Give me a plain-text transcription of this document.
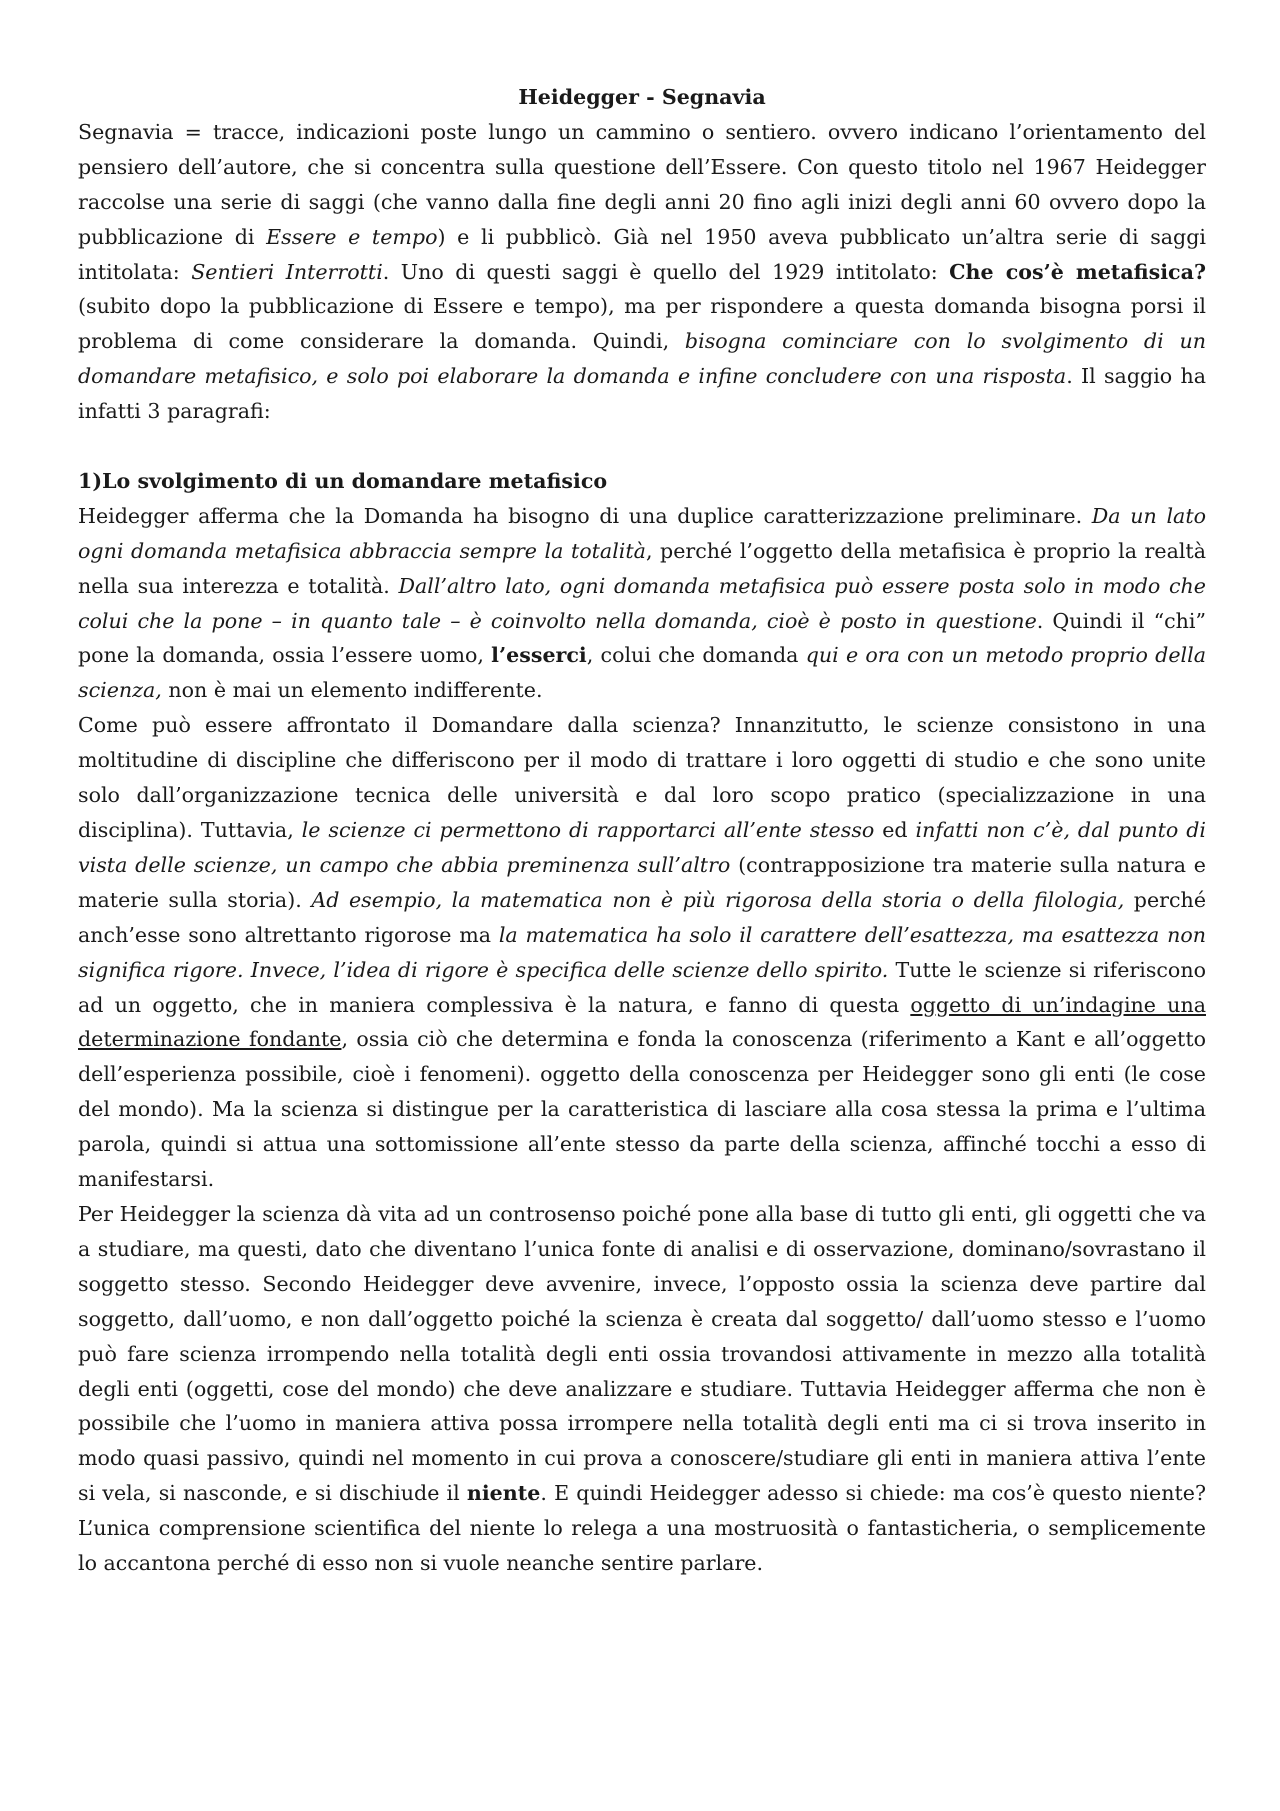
Heidegger - Segnavia

Segnavia = tracce, indicazioni poste lungo un cammino o sentiero. ovvero indicano l’orientamento del pensiero dell’autore, che si concentra sulla questione dell’Essere. Con questo titolo nel 1967 Heidegger raccolse una serie di saggi (che vanno dalla fine degli anni 20 fino agli inizi degli anni 60 ovvero dopo la pubblicazione di Essere e tempo) e li pubblicò. Già nel 1950 aveva pubblicato un’altra serie di saggi intitolata: Sentieri Interrotti. Uno di questi saggi è quello del 1929 intitolato: Che cos’è metafisica? (subito dopo la pubblicazione di Essere e tempo), ma per rispondere a questa domanda bisogna porsi il problema di come considerare la domanda. Quindi, bisogna cominciare con lo svolgimento di un domandare metafisico, e solo poi elaborare la domanda e infine concludere con una risposta. Il saggio ha infatti 3 paragrafi:

1)Lo svolgimento di un domandare metafisico

Heidegger afferma che la Domanda ha bisogno di una duplice caratterizzazione preliminare. Da un lato ogni domanda metafisica abbraccia sempre la totalità, perché l’oggetto della metafisica è proprio la realtà nella sua interezza e totalità. Dall’altro lato, ogni domanda metafisica può essere posta solo in modo che colui che la pone – in quanto tale – è coinvolto nella domanda, cioè è posto in questione. Quindi il “chi” pone la domanda, ossia l’essere uomo, l’esserci, colui che domanda qui e ora con un metodo proprio della scienza, non è mai un elemento indifferente.

Come può essere affrontato il Domandare dalla scienza? Innanzitutto, le scienze consistono in una moltitudine di discipline che differiscono per il modo di trattare i loro oggetti di studio e che sono unite solo dall’organizzazione tecnica delle università e dal loro scopo pratico (specializzazione in una disciplina). Tuttavia, le scienze ci permettono di rapportarci all’ente stesso ed infatti non c’è, dal punto di vista delle scienze, un campo che abbia preminenza sull’altro (contrapposizione tra materie sulla natura e materie sulla storia). Ad esempio, la matematica non è più rigorosa della storia o della filologia, perché anch’esse sono altrettanto rigorose ma la matematica ha solo il carattere dell’esattezza, ma esattezza non significa rigore. Invece, l’idea di rigore è specifica delle scienze dello spirito. Tutte le scienze si riferiscono ad un oggetto, che in maniera complessiva è la natura, e fanno di questa oggetto di un’indagine una determinazione fondante, ossia ciò che determina e fonda la conoscenza (riferimento a Kant e all’oggetto dell’esperienza possibile, cioè i fenomeni). oggetto della conoscenza per Heidegger sono gli enti (le cose del mondo). Ma la scienza si distingue per la caratteristica di lasciare alla cosa stessa la prima e l’ultima parola, quindi si attua una sottomissione all’ente stesso da parte della scienza, affinché tocchi a esso di manifestarsi.

Per Heidegger la scienza dà vita ad un controsenso poiché pone alla base di tutto gli enti, gli oggetti che va a studiare, ma questi, dato che diventano l’unica fonte di analisi e di osservazione, dominano/sovrastano il soggetto stesso. Secondo Heidegger deve avvenire, invece, l’opposto ossia la scienza deve partire dal soggetto, dall’uomo, e non dall’oggetto poiché la scienza è creata dal soggetto/ dall’uomo stesso e l’uomo può fare scienza irrompendo nella totalità degli enti ossia trovandosi attivamente in mezzo alla totalità degli enti (oggetti, cose del mondo) che deve analizzare e studiare. Tuttavia Heidegger afferma che non è possibile che l’uomo in maniera attiva possa irrompere nella totalità degli enti ma ci si trova inserito in modo quasi passivo, quindi nel momento in cui prova a conoscere/studiare gli enti in maniera attiva l’ente si vela, si nasconde, e si dischiude il niente. E quindi Heidegger adesso si chiede: ma cos’è questo niente? L’unica comprensione scientifica del niente lo relega a una mostruosità o fantasticheria, o semplicemente lo accantona perché di esso non si vuole neanche sentire parlare.
